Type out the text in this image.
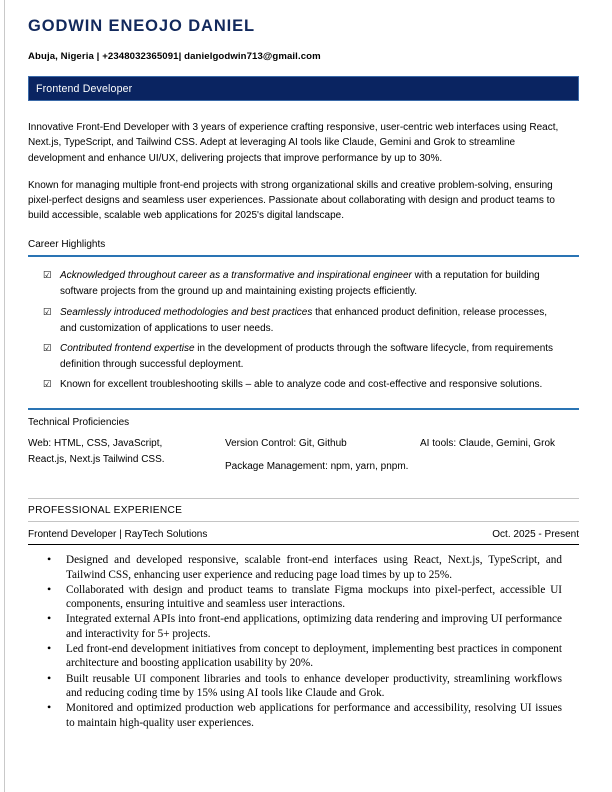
GODWIN ENEOJO DANIEL
Abuja, Nigeria | +2348032365091| danielgodwin713@gmail.com
Frontend Developer

Innovative Front-End Developer with 3 years of experience crafting responsive, user-centric web interfaces using React, Next.js, TypeScript, and Tailwind CSS. Adept at leveraging AI tools like Claude, Gemini and Grok to streamline development and enhance UI/UX, delivering projects that improve performance by up to 30%.

Known for managing multiple front-end projects with strong organizational skills and creative problem-solving, ensuring pixel-perfect designs and seamless user experiences. Passionate about collaborating with design and product teams to build accessible, scalable web applications for 2025's digital landscape.

Career Highlights
☑ Acknowledged throughout career as a transformative and inspirational engineer with a reputation for building software projects from the ground up and maintaining existing projects efficiently.
☑ Seamlessly introduced methodologies and best practices that enhanced product definition, release processes, and customization of applications to user needs.
☑ Contributed frontend expertise in the development of products through the software lifecycle, from requirements definition through successful deployment.
☑ Known for excellent troubleshooting skills – able to analyze code and cost-effective and responsive solutions.
Technical Proficiencies

Web: HTML, CSS, JavaScript,

React.js, Next.js Tailwind CSS.

Version Control: Git, Github

Package Management: npm, yarn, pnpm.

AI tools: Claude, Gemini, Grok

PROFESSIONAL EXPERIENCE
Frontend Developer | RayTech Solutions	Oct. 2025 - Present
• Designed and developed responsive, scalable front-end interfaces using React, Next.js, TypeScript, and Tailwind CSS, enhancing user experience and reducing page load times by up to 25%.
• Collaborated with design and product teams to translate Figma mockups into pixel-perfect, accessible UI components, ensuring intuitive and seamless user interactions.
• Integrated external APIs into front-end applications, optimizing data rendering and improving UI performance and interactivity for 5+ projects.
• Led front-end development initiatives from concept to deployment, implementing best practices in component architecture and boosting application usability by 20%.
• Built reusable UI component libraries and tools to enhance developer productivity, streamlining workflows and reducing coding time by 15% using AI tools like Claude and Grok.
• Monitored and optimized production web applications for performance and accessibility, resolving UI issues to maintain high-quality user experiences.
